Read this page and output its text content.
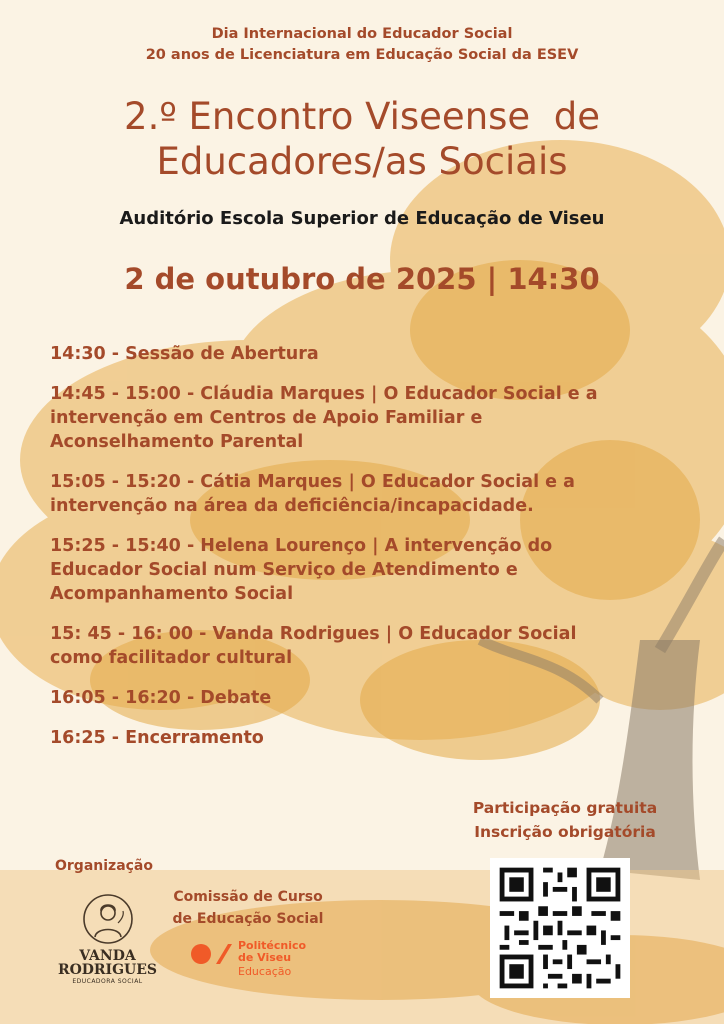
Dia Internacional do Educador Social
20 anos de Licenciatura em Educação Social da ESEV
2.º Encontro Viseense  de
Educadores/as Sociais
Auditório Escola Superior de Educação de Viseu
2 de outubro de 2025 | 14:30
14:30 - Sessão de Abertura
14:45 - 15:00 - Cláudia Marques | O Educador Social e a
intervenção em Centros de Apoio Familiar e
Aconselhamento Parental
15:05 - 15:20 - Cátia Marques | O Educador Social e a
intervenção na área da deficiência/incapacidade.
15:25 - 15:40 - Helena Lourenço | A intervenção do
Educador Social num Serviço de Atendimento e
Acompanhamento Social
15: 45 - 16: 00 - Vanda Rodrigues | O Educador Social
como facilitador cultural
16:05 - 16:20 - Debate
16:25 - Encerramento
Participação gratuita
Inscrição obrigatória
Organização
VANDA
RODRIGUES
EDUCADORA SOCIAL
Comissão de Curso
de Educação Social
Politécnico
de Viseu
Educação
